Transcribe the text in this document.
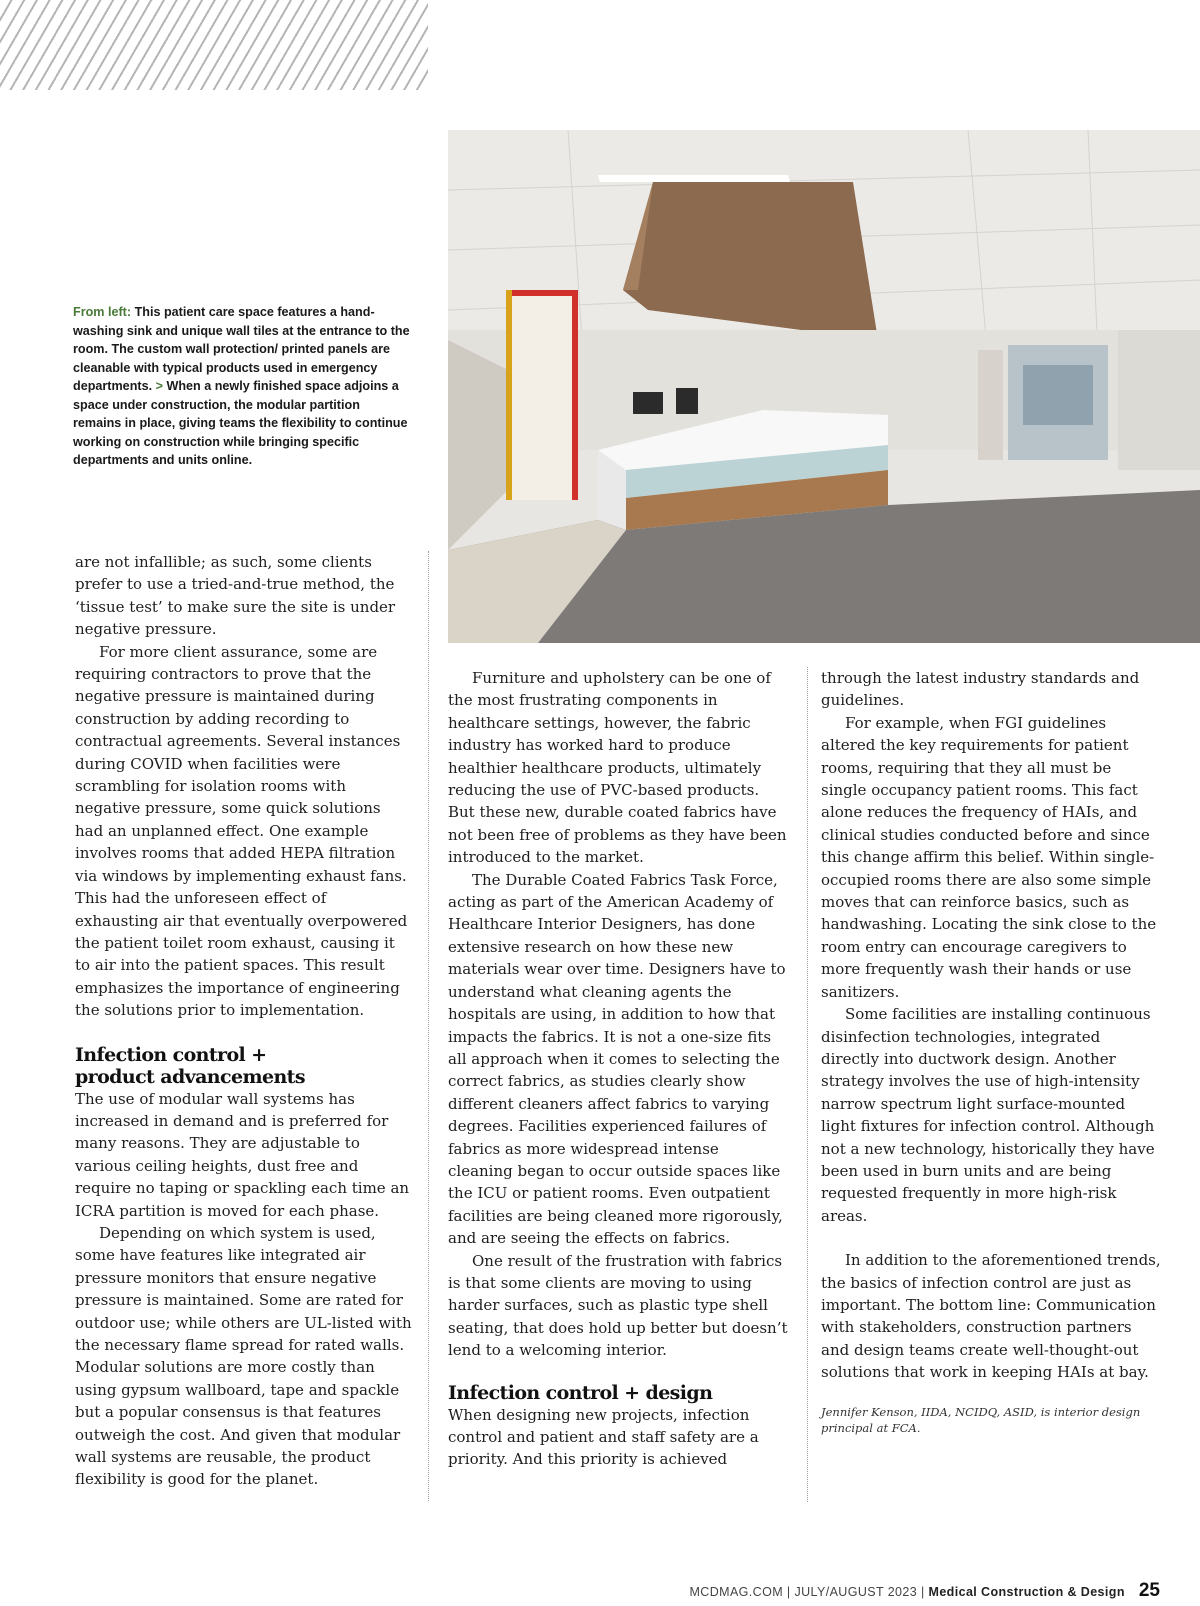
From left: This patient care space features a hand-washing sink and unique wall tiles at the entrance to the room. The custom wall protection/ printed panels are cleanable with typical products used in emergency departments. > When a newly finished space adjoins a space under construction, the modular partition remains in place, giving teams the flexibility to continue working on construction while bringing specific departments and units online.

are not infallible; as such, some clients prefer to use a tried-and-true method, the ‘tissue test’ to make sure the site is under negative pressure.

For more client assurance, some are requiring contractors to prove that the negative pressure is maintained during construction by adding recording to contractual agreements. Several instances during COVID when facilities were scrambling for isolation rooms with negative pressure, some quick solutions had an unplanned effect. One example involves rooms that added HEPA filtration via windows by implementing exhaust fans. This had the unforeseen effect of exhausting air that eventually overpowered the patient toilet room exhaust, causing it to air into the patient spaces. This result emphasizes the importance of engineering the solutions prior to implementation.

Infection control +
product advancements

The use of modular wall systems has increased in demand and is preferred for many reasons. They are adjustable to various ceiling heights, dust free and require no taping or spackling each time an ICRA partition is moved for each phase.

Depending on which system is used, some have features like integrated air pressure monitors that ensure negative pressure is maintained. Some are rated for outdoor use; while others are UL-listed with the necessary flame spread for rated walls. Modular solutions are more costly than using gypsum wallboard, tape and spackle but a popular consensus is that features outweigh the cost. And given that modular wall systems are reusable, the product flexibility is good for the planet.

Furniture and upholstery can be one of the most frustrating components in healthcare settings, however, the fabric industry has worked hard to produce healthier healthcare products, ultimately reducing the use of PVC-based products. But these new, durable coated fabrics have not been free of problems as they have been introduced to the market.

The Durable Coated Fabrics Task Force, acting as part of the American Academy of Healthcare Interior Designers, has done extensive research on how these new materials wear over time. Designers have to understand what cleaning agents the hospitals are using, in addition to how that impacts the fabrics. It is not a one-size fits all approach when it comes to selecting the correct fabrics, as studies clearly show different cleaners affect fabrics to varying degrees. Facilities experienced failures of fabrics as more widespread intense cleaning began to occur outside spaces like the ICU or patient rooms. Even outpatient facilities are being cleaned more rigorously, and are seeing the effects on fabrics.

One result of the frustration with fabrics is that some clients are moving to using harder surfaces, such as plastic type shell seating, that does hold up better but doesn’t lend to a welcoming interior.

Infection control + design

When designing new projects, infection control and patient and staff safety are a priority. And this priority is achieved

through the latest industry standards and guidelines.

For example, when FGI guidelines altered the key requirements for patient rooms, requiring that they all must be single occupancy patient rooms. This fact alone reduces the frequency of HAIs, and clinical studies conducted before and since this change affirm this belief. Within single-occupied rooms there are also some simple moves that can reinforce basics, such as handwashing. Locating the sink close to the room entry can encourage caregivers to more frequently wash their hands or use sanitizers.

Some facilities are installing continuous disinfection technologies, integrated directly into ductwork design. Another strategy involves the use of high-intensity narrow spectrum light surface-mounted light fixtures for infection control. Although not a new technology, historically they have been used in burn units and are being requested frequently in more high-risk areas.

In addition to the aforementioned trends, the basics of infection control are just as important. The bottom line: Communication with stakeholders, construction partners and design teams create well-thought-out solutions that work in keeping HAIs at bay.

Jennifer Kenson, IIDA, NCIDQ, ASID, is interior design principal at FCA.

MCDMAG.COM | JULY/AUGUST 2023 | Medical Construction & Design 25
